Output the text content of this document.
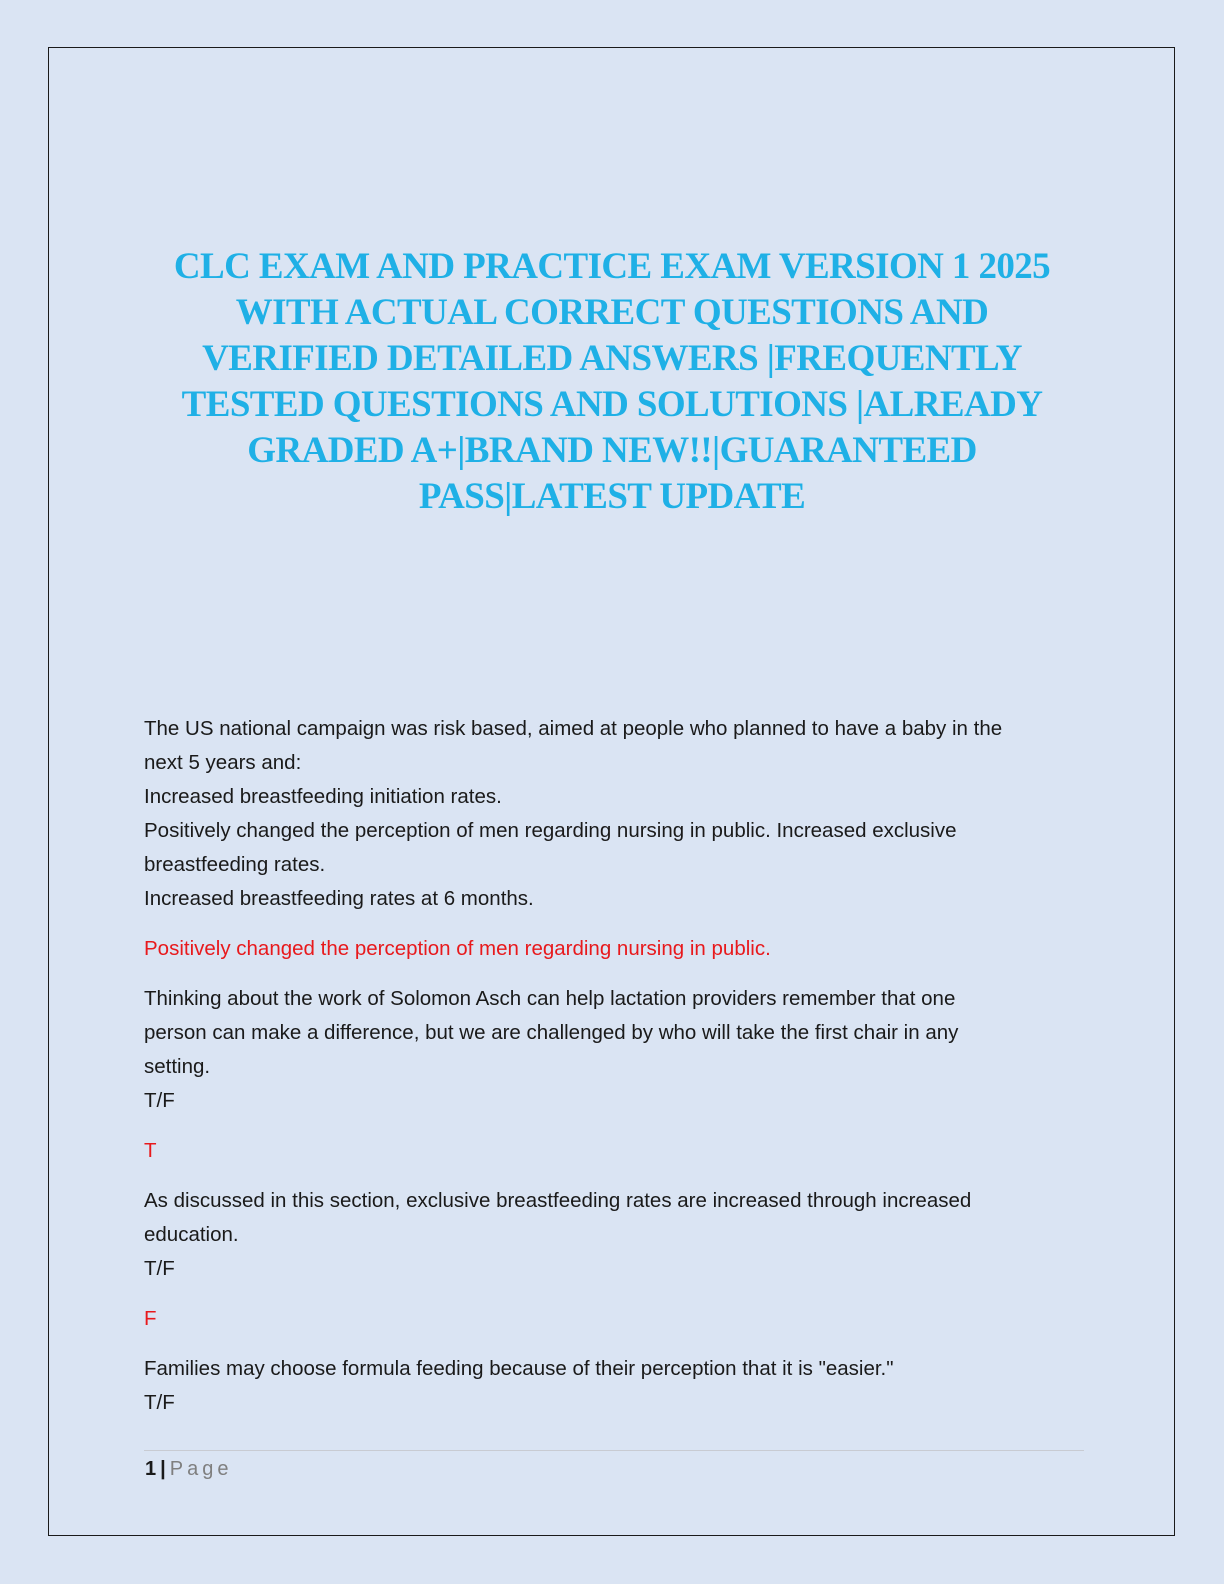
CLC EXAM AND PRACTICE EXAM VERSION 1 2025
WITH ACTUAL CORRECT QUESTIONS AND
VERIFIED DETAILED ANSWERS |FREQUENTLY
TESTED QUESTIONS AND SOLUTIONS |ALREADY
GRADED A+|BRAND NEW!!|GUARANTEED
PASS|LATEST UPDATE

The US national campaign was risk based, aimed at people who planned to have a baby in the

next 5 years and:

Increased breastfeeding initiation rates.

Positively changed the perception of men regarding nursing in public. Increased exclusive

breastfeeding rates.

Increased breastfeeding rates at 6 months.

Positively changed the perception of men regarding nursing in public.

Thinking about the work of Solomon Asch can help lactation providers remember that one

person can make a difference, but we are challenged by who will take the first chair in any

setting.

T/F

T

As discussed in this section, exclusive breastfeeding rates are increased through increased

education.

T/F

F

Families may choose formula feeding because of their perception that it is "easier."

T/F

1 | Page
